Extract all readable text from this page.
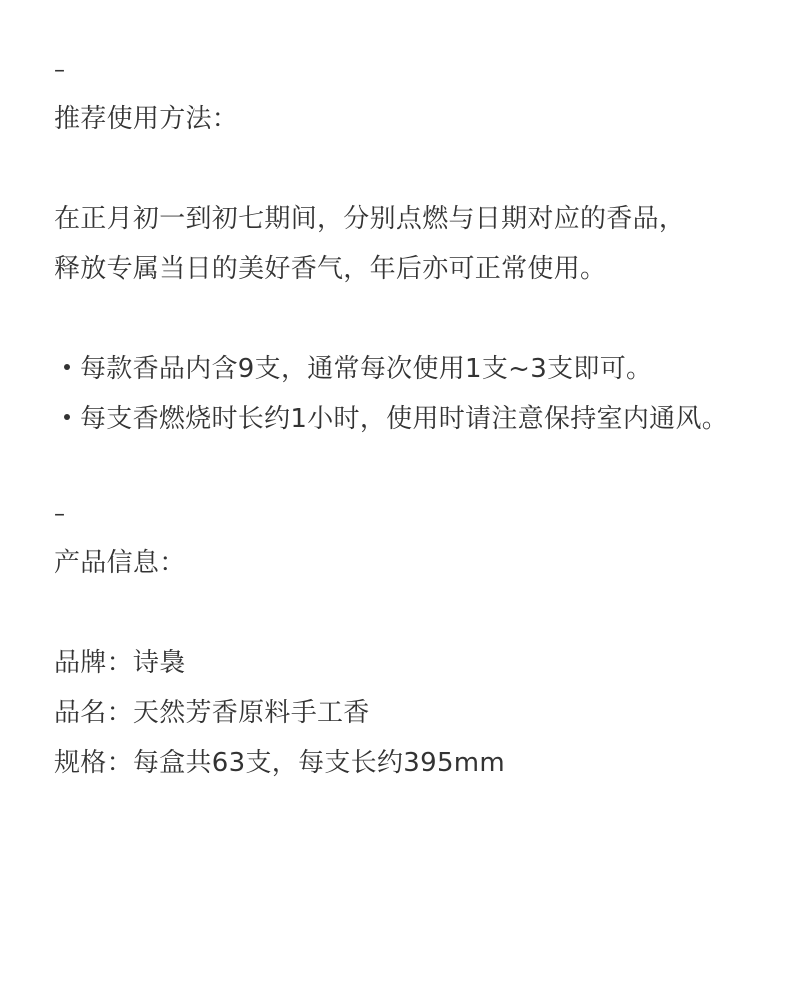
–
推荐使用方法：
在正月初一到初七期间，分别点燃与日期对应的香品，
释放专属当日的美好香气，年后亦可正常使用。
每款香品内含9支，通常每次使用1支~3支即可。
每支香燃烧时长约1小时，使用时请注意保持室内通风。
–
产品信息：
品牌：诗裊
品名：天然芳香原料手工香
规格：每盒共63支，每支长约395mm
